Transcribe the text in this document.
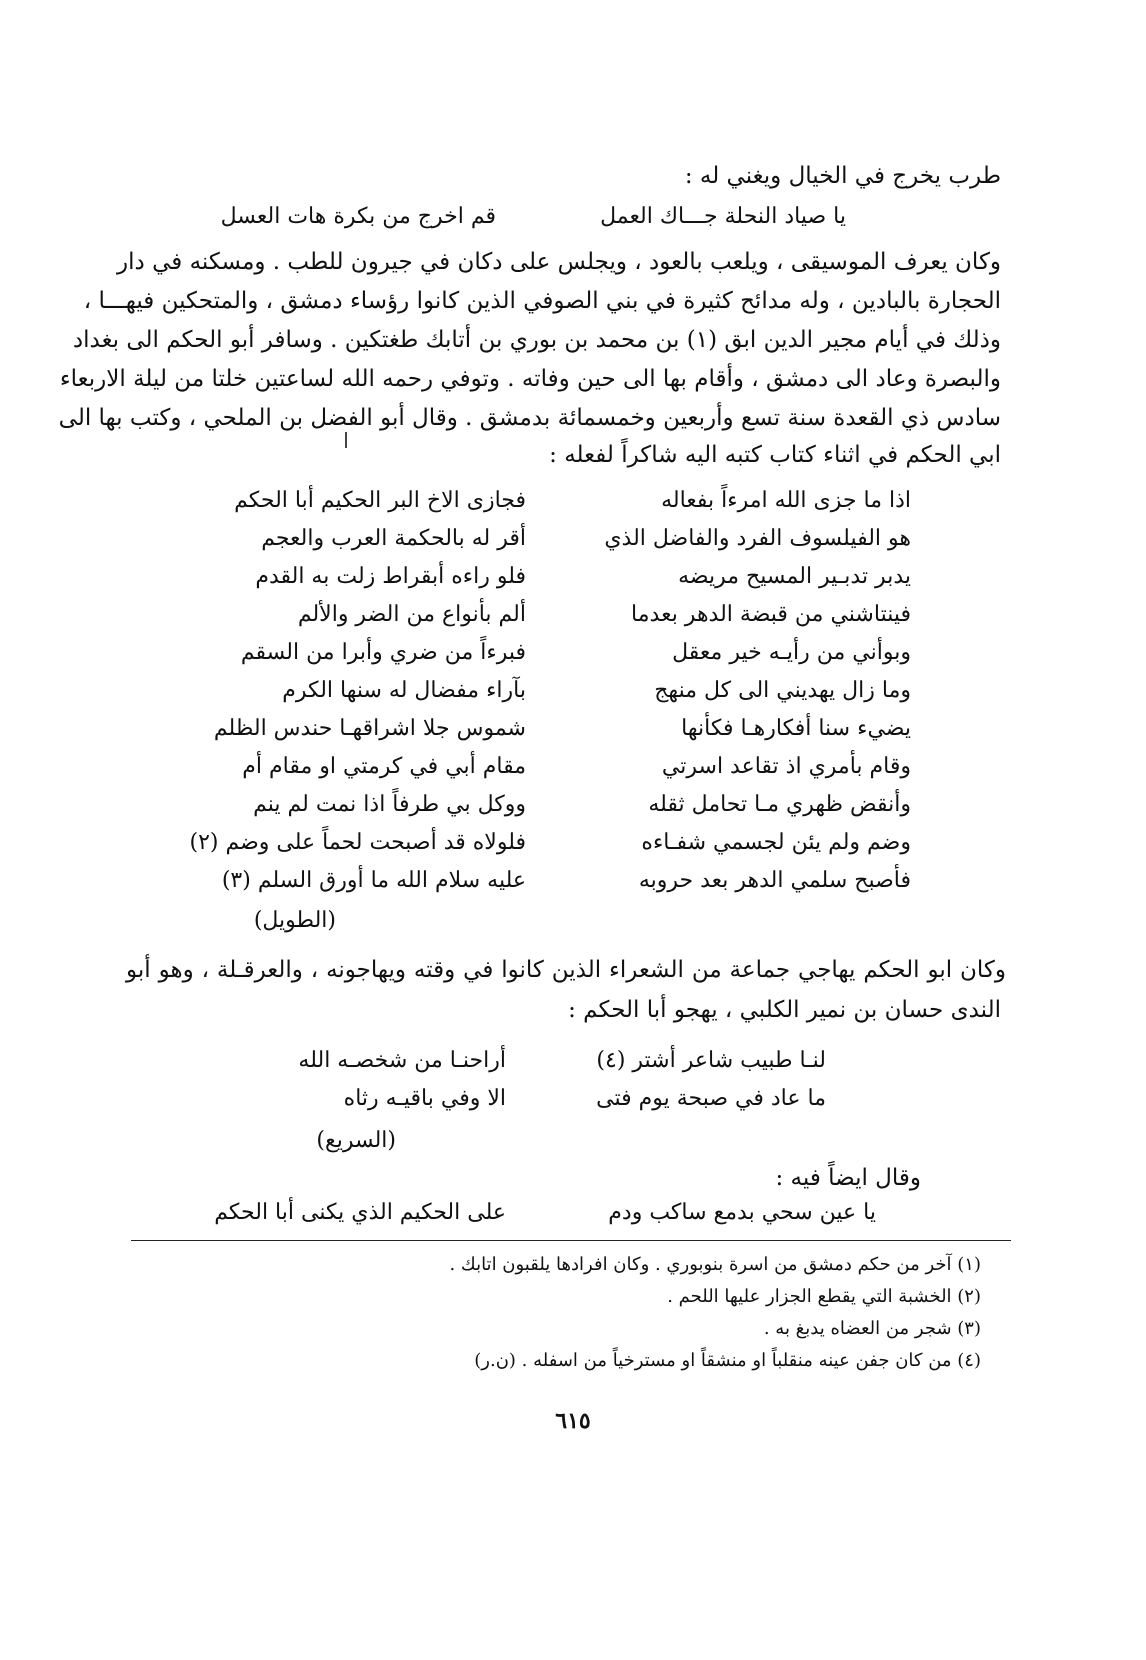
طرب يخرج في الخيال ويغني له :
يا صياد النحلة جـــاك العمل
قم اخرج من بكرة هات العسل
وكان يعرف الموسيقى ، ويلعب بالعود ، ويجلس على دكان في جيرون للطب . ومسكنه في دار
الحجارة بالبادين ، وله مدائح كثيرة في بني الصوفي الذين كانوا رؤساء دمشق ، والمتحكين فيهـــا ،
وذلك في أيام مجير الدين ابق (١) بن محمد بن بوري بن أتابك طغتكين . وسافر أبو الحكم الى بغداد
والبصرة وعاد الى دمشق ، وأقام بها الى حين وفاته . وتوفي رحمه الله لساعتين خلتا من ليلة الاربعاء
سادس ذي القعدة سنة تسع وأربعين وخمسمائة بدمشق . وقال أبو الفضل بن الملحي ، وكتب بها الى
ابي الحكم في اثناء كتاب كتبه اليه شاكراً لفعله :
اذا ما جزى الله امرءاً بفعاله
فجازى الاخ البر الحكيم أبا الحكم
هو الفيلسوف الفرد والفاضل الذي
أقر له بالحكمة العرب والعجم
يدبر تدبـير المسيح مريضه
فلو راءه أبقراط زلت به القدم
فينتاشني من قبضة الدهر بعدما
ألم بأنواع من الضر والألم
وبوأني من رأيـه خير معقل
فبرءاً من ضري وأبرا من السقم
وما زال يهديني الى كل منهج
بآراء مفضال له سنها الكرم
يضيء سنا أفكارهـا فكأنها
شموس جلا اشراقهـا حندس الظلم
وقام بأمري اذ تقاعد اسرتي
مقام أبي في كرمتي او مقام أم
وأنقض ظهري مـا تحامل ثقله
ووكل بي طرفاً اذا نمت لم ينم
وضم ولم يئن لجسمي شفـاءه
فلولاه قد أصبحت لحماً على وضم (٢)
فأصبح سلمي الدهر بعد حروبه
عليه سلام الله ما أورق السلم (٣)
(الطويل)
وكان ابو الحكم يهاجي جماعة من الشعراء الذين كانوا في وقته ويهاجونه ، والعرقـلة ، وهو أبو
الندى حسان بن نمير الكلبي ، يهجو أبا الحكم :
لنـا طبيب شاعر أشتر (٤)
أراحنـا من شخصـه الله
ما عاد في صبحة يوم فتى
الا وفي باقيـه رثاه
(السريع)
وقال ايضاً فيه :
يا عين سحي بدمع ساكب ودم
على الحكيم الذي يكنى أبا الحكم
(١) آخر من حكم دمشق من اسرة بنوبوري . وكان افرادها يلقبون اتابك .
(٢) الخشبة التي يقطع الجزار عليها اللحم .
(٣) شجر من العضاه يدبغ به .
(٤) من كان جفن عينه منقلباً او منشقاً او مسترخياً من اسفله . (ن.ر)
٦١٥
